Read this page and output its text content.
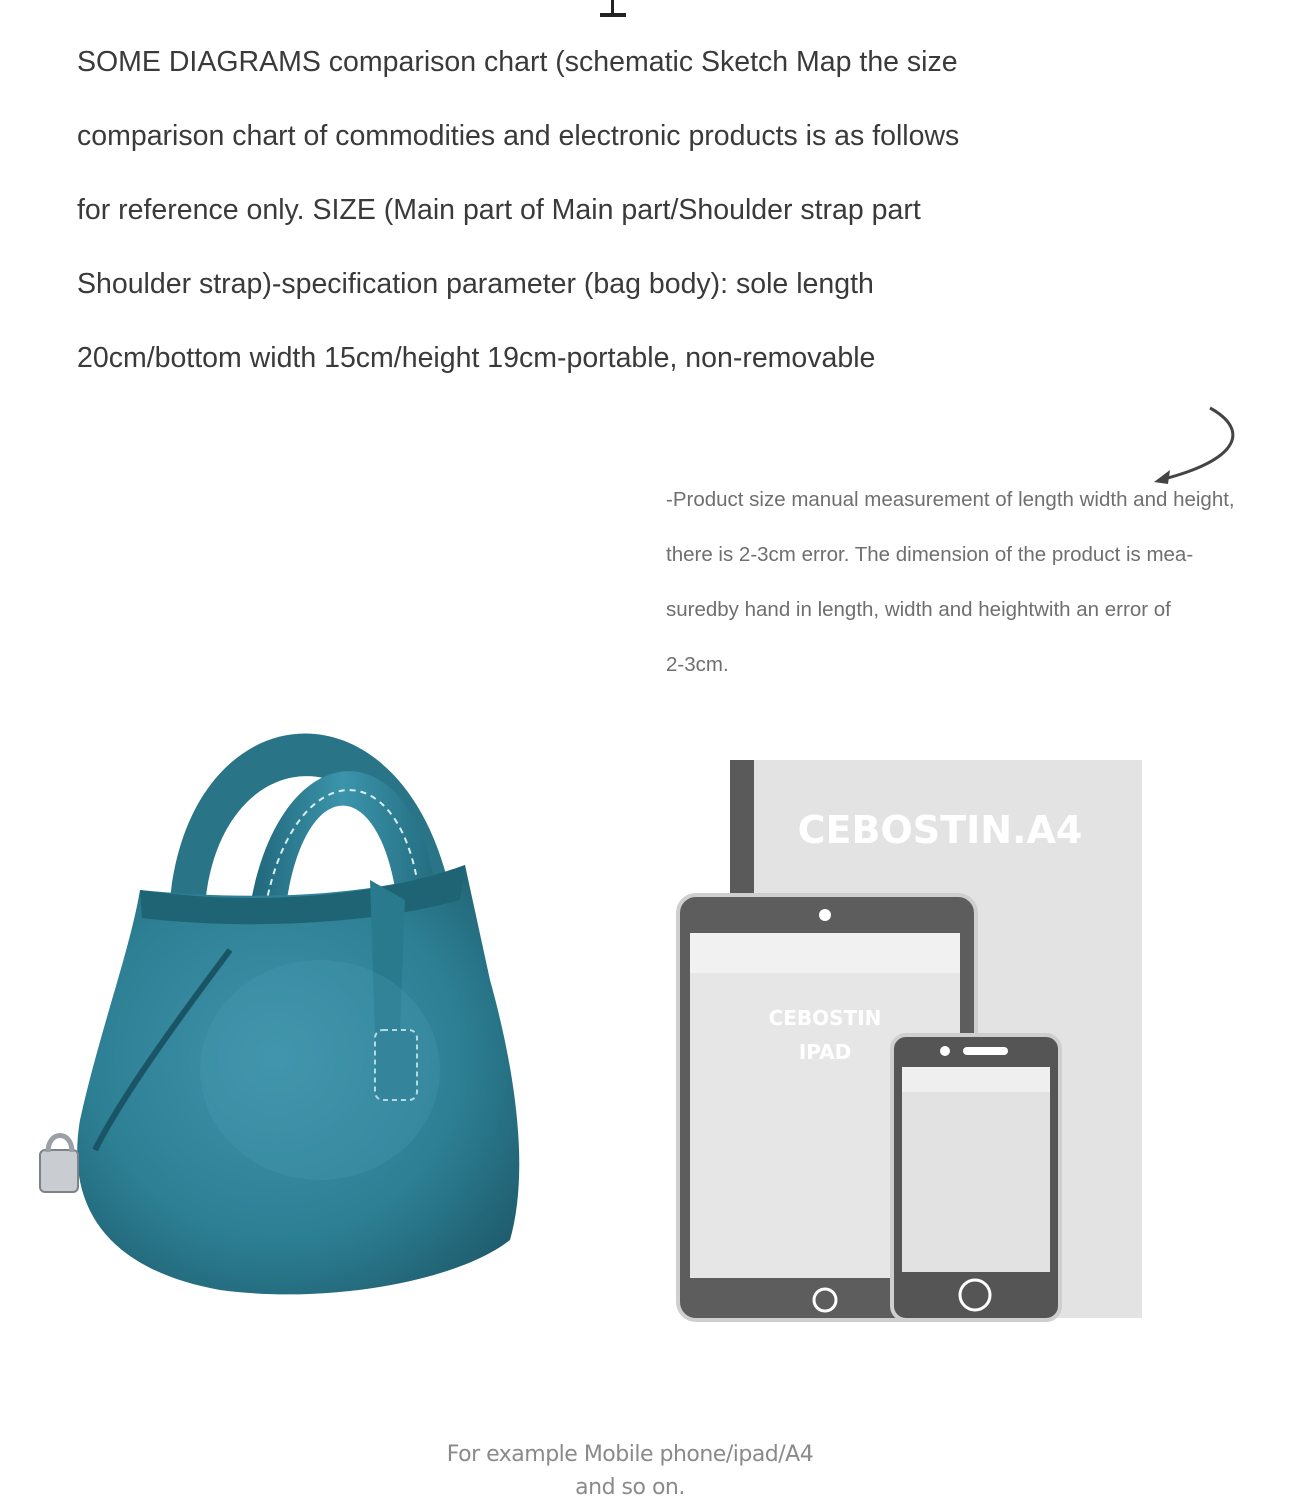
SOME DIAGRAMS comparison chart (schematic Sketch Map the size
comparison chart of commodities and electronic products is as follows
for reference only. SIZE (Main part of Main part/Shoulder strap part
Shoulder strap)-specification parameter (bag body): sole length
20cm/bottom width 15cm/height 19cm-portable, non-removable

-Product size manual measurement of length width and height,
there is 2-3cm error. The dimension of the product is mea-
suredby hand in length, width and heightwith an error of
2-3cm.

CEBOSTIN.A4
CEBOSTIN
IPAD
For example Mobile phone/ipad/A4
and so on.
